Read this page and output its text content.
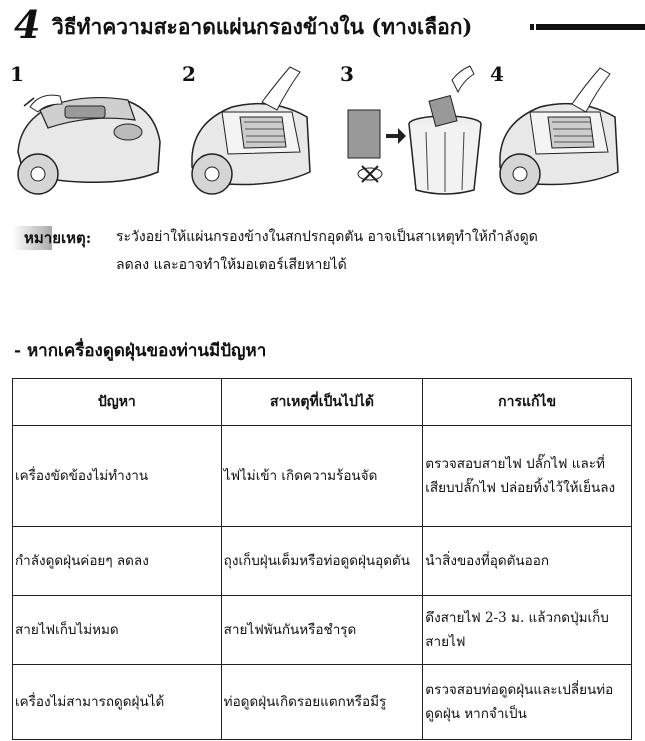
4 วิธีทำความสะอาดแผ่นกรองข้างใน (ทางเลือก)
1	2	3	4
หมายเหตุ: ระวังอย่าให้แผ่นกรองข้างในสกปรกอุดตัน อาจเป็นสาเหตุทำให้กำลังดูด
ลดลง และอาจทำให้มอเตอร์เสียหายได้
- หากเครื่องดูดฝุ่นของท่านมีปัญหา
ปัญหา	สาเหตุที่เป็นไปได้	การแก้ไข
เครื่องขัดข้องไม่ทำงาน	ไฟไม่เข้า เกิดความร้อนจัด	ตรวจสอบสายไฟ ปลั๊กไฟ และที่เสียบปลั๊กไฟ ปล่อยทิ้งไว้ให้เย็นลง
กำลังดูดฝุ่นค่อยๆ ลดลง	ถุงเก็บฝุ่นเต็มหรือท่อดูดฝุ่นอุดตัน	นำสิ่งของที่อุดตันออก
สายไฟเก็บไม่หมด	สายไฟพันกันหรือชำรุด	ดึงสายไฟ 2-3 ม. แล้วกดปุ่มเก็บสายไฟ
เครื่องไม่สามารถดูดฝุ่นได้	ท่อดูดฝุ่นเกิดรอยแตกหรือมีรู	ตรวจสอบท่อดูดฝุ่นและเปลี่ยนท่อดูดฝุ่น หากจำเป็น
